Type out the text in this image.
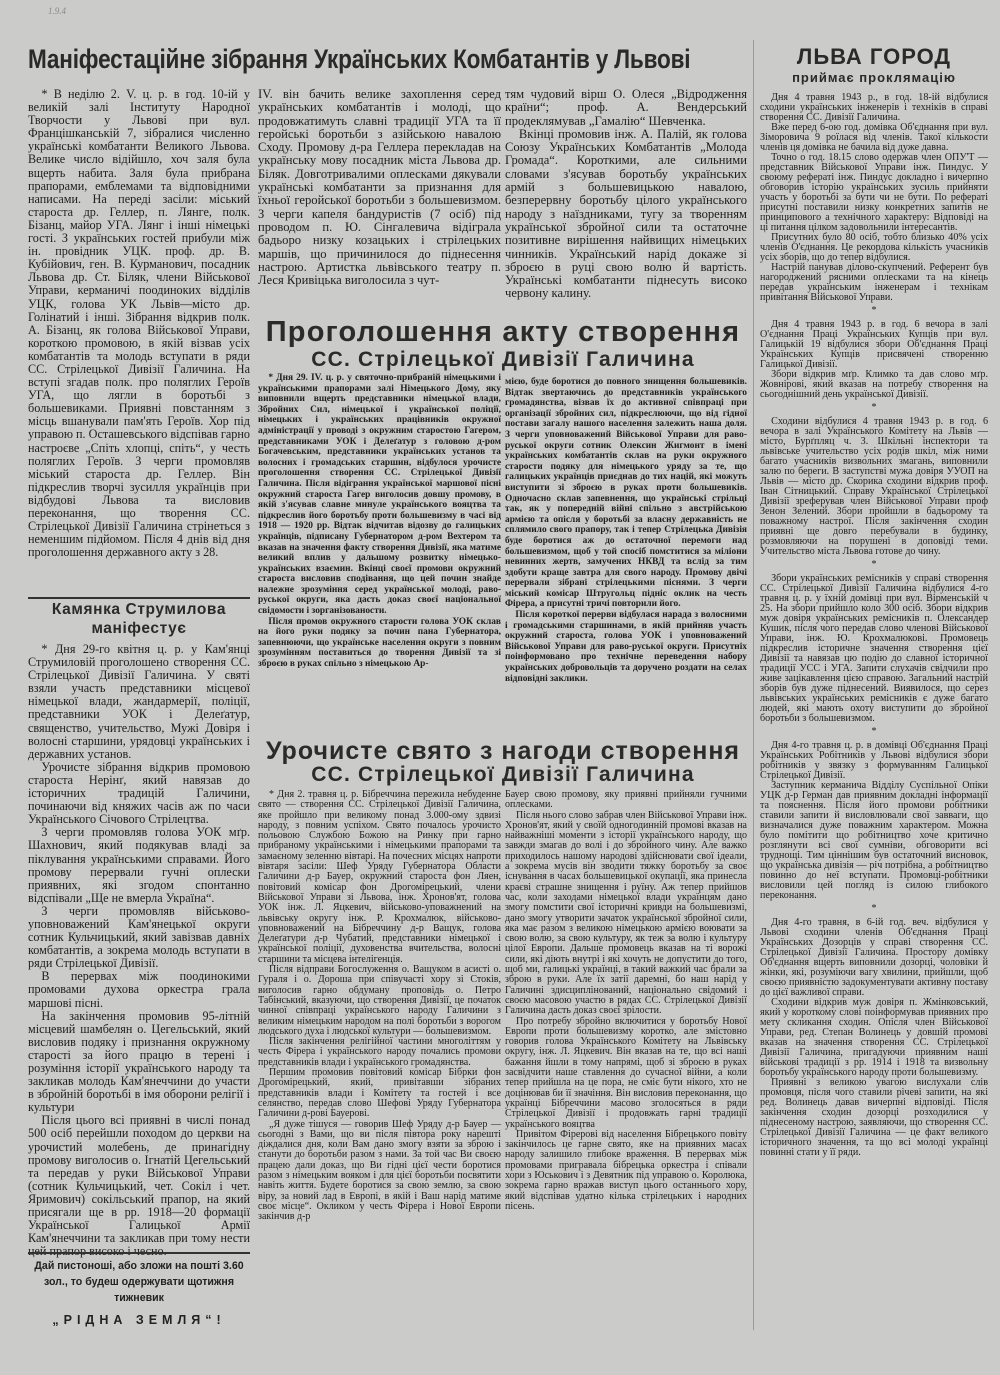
1.9.4
Маніфестаційне зібрання Українських Комбатантів у Львові	ЛЬВА ГОРОД
приймає проклямацію

* В неділю 2. V. ц. р. в год. 10-ій у великій залі Інституту Народної Творчости у Львові при вул. Францішканській 7, зібралися численно українські комбатанти Великого Львова. Велике число відійшло, хоч заля була вщерть набита. Заля була прибрана прапорами, емблемами та відповідними написами. На переді засіли: міський староста др. Геллер, п. Лянге, полк. Бізанц, майор УГА. Лянг і інші німецькі гості. З українських гостей прибули між ін. провідник УЦК. проф. др. В. Кубійович, ген. В. Курманович, посадник Львова др. Ст. Біляк, члени Військової Управи, керманичі поодиноких відділів УЦК, голова УК Львів—місто др. Голінатий і інші. Зібрання відкрив полк. А. Бізанц, як голова Військової Управи, короткою промовою, в якій візвав усіх комбатантів та молодь вступати в ряди СС. Стрілецької Дивізії Галичина. На вступі згадав полк. про поляглих Героїв УГА, що лягли в боротьбі з большевиками. Приявні повстанням з місць вшанували пам'ять Героїв. Хор під управою п. Осташевського відспівав гарно настроєве „Спіть хлопці, спіть“, у честь поляглих Героїв. З черги промовляв міський староста др. Геллер. Він підкреслив творчі зусилля українців при відбудові Львова та висловив переконання, що творення СС. Стрілецької Дивізії Галичина стрінеться з неменшим підйомом. Після 4 днів від дня проголошення державного акту з 28.

Камянка Струмилова
маніфестує

* Дня 29-го квітня ц. р. у Кам'янці Струмиловій проголошено створення СС. Стрілецької Дивізії Галичина. У святі взяли участь представники місцевої німецької влади, жандармерії, поліції, представники УОК і Делеґатур, священство, учительство, Мужі Довіря і волосні старшини, урядовці українських і державних установ.

Урочисте зібрання відкрив промовою староста Нерінґ, який навязав до історичних традицій Галичини, починаючи від княжих часів аж по часи Українського Січового Стрілецтва.

З черги промовляв голова УОК мґр. Шахнович, який подякував владі за піклування українськими справами. Його промову перервали гучні оплески приявних, які згодом спонтанно відспівали „Ще не вмерла Україна“.

З черги промовляв військово-уповноважений Кам'янецької округи сотник Кульчицький, який завізвав давніх комбатантів, а зокрема молодь вступати в ряди Стрілецької Дивізії.

В перервах між поодинокими промовами духова оркестра грала маршові пісні.

На закінчення промовив 95-літній місцевий шамбелян о. Цегельський, який висловив подяку і признання окружному старості за його працю в терені і розуміння історії українського народу та закликав молодь Кам'янеччини до участи в збройній боротьбі в імя оборони релігії і культури

Після цього всі приявні в числі понад 500 осіб перейшли походом до церкви на урочистий молебень, де принагідну промову виголосив о. Ігнатій Цегельський та передав у руки Військової Управи (сотник Кульчицький, чет. Сокіл і чет. Яримович) сокільський прапор, на який присягали ще в рр. 1918—20 формації Української Галицької Армії Кам'янеччини та закликав при тому нести

Дай пистоноші, або зложи на пошті 3.60 зол., то будеш одержувати щотижня тижневик
„РІДНА ЗЕМЛЯ“!

IV. він бачить велике захоплення серед українських комбатантів і молоді, що продовжатимуть славні традиції УГА та її геройські боротьби з азійською навалою Сходу. Промову д-ра Геллера перекладав на українську мову посадник міста Львова др. Біляк. Довготривалими оплесками дякували українські комбатанти за признання для їхньої геройської боротьби з большевизмом. З черги капеля бандуристів (7 осіб) під проводом п. Ю. Сінгалевича відіграла бадьоро низку козацьких і стрілецьких маршів, що причинилося до піднесення настрою. Артистка львівського театру п. Леся Кривіцька виголосила з чут-

тям чудовий вірш О. Олеся „Відродження країни“; проф. А. Вендерський продеклямував „Гамалію“ Шевченка.

Вкінці промовив інж. А. Палій, як голова Союзу Українських Комбатантів „Молода Громада“. Короткими, але сильними словами з'ясував боротьбу українських армій з большевицькою навалою, безперервну боротьбу цілого українського народу з наїздниками, тугу за творенням української збройної сили та остаточне позитивне вирішення найвищих німецьких чинників. Український нарід докаже зі зброєю в руці свою волю й вартість. Українські комбатанти піднесуть високо червону калину.

Проголошення акту створення
СС. Стрілецької Дивізії Галичина

* Дня 29. IV. ц. р. у святочно-прибраній німецькими і українськими прапорами залі Німецького Дому, яку виповнили вщерть представники німецької влади, Збройних Сил, німецької і української поліції, німецьких і українських працівників окружної адміністрації у проводі з окружним старостою Гагером, представниками УОК і Делеґатур з головою д-ром Богачевським, представники українських установ та волосних і громадських старшин, відбулося урочисте проголошення створення СС. Стрілецької Дивізії Галичина. Після відіграння української маршової пісні окружний староста Гагер виголосив довшу промову, в якій з'ясував славне минуле українського вояцтва та підкреслив його боротьбу проти большевизму в часі від 1918 — 1920 рр. Відтак відчитав відозву до галицьких українців, підписану Губернатором д-ром Вехтером та вказав на значення факту створення Дивізії, яка матиме великий вплив у дальшому розвитку німецько-українських взаємин. Вкінці своєї промови окружний староста висловив сподівання, що цей почин знайде належне зрозуміння серед української молоді, раво-руської округи, яка дасть доказ своєї національної свідомости і зорганізованости.

Після промов окружного старости голова УОК склав на його руки подяку за почин пана Губернатора, запевнюючи, що українське населення округи з повним зрозумінням поставиться до творення Дивізії та зі зброєю в руках спільно з німецькою Ар-

мією, буде боротися до повного знищення большевиків. Відтак звертаючись до представників українського громадянства, візвав їх до активної співпраці при організації збройних сил, підкреслюючи, що від гідної постави загалу нашого населення залежить наша доля. З черги уповноважений Військової Управи для раво-руської округи сотник Олексин Жигмонт в імені українських комбатантів склав на руки окружного старости подяку для німецького уряду за те, що галицьких українців приєднав до тих націй, які можуть виступити зі зброєю в руках проти большевиків. Одночасно склав запевнення, що українські стрільці так, як у попередній війні спільно з австрійською армією та опісля у боротьбі за власну державність не сплямило свого прапору, так і тепер Стрілецька Дивізія буде боротися аж до остаточної перемоги над большевизмом, щоб у той спосіб помститися за міліони невинних жертв, замучених НКВД та вслід за тим здобути краще завтра для свого народу. Промову двічі перервали зібрані стрілецькими піснями. З черги міський комісар Штругольц підніс оклик на честь Фірера, а присутні тричі повторили його.

Після короткої перерви відбулася нарада з волосними і громадськими старшинами, в якій прийняв участь окружний староста, голова УОК і уповноважений Військової Управи для раво-руської округи. Присутніх поінформовано про технічне переведення набору українських добровольців та доручено роздати на селах відповідні заклики.

Урочисте свято з нагоди створення
СС. Стрілецької Дивізії Галичина

* Дня 2. травня ц. р. Бібреччина пережила небуденне свято — створення СС. Стрілецької Дивізії Галичина, яке пройшло при великому понад 3.000-ому здвизі народу, з повним успіхом. Свято почалось урочисто польовою Службою Божою на Ринку при гарно прибраному українськими і німецькими прапорами та замаєному зеленню вівтарі. На почесних місцях напроти вівтаря засіли: Шеф Уряду Губернатора Области Галичини д-р Бауер, окружний староста фон Ляен, повітовий комісар фон Дрогомірецький, члени Військової Управи зі Львова, інж. Хронов'ят, голова УОК інж. Л. Яцкевич, військово-уповажнений на львівську округу інж. Р. Крохмалюк, військово-уповноважений на Бібреччину д-р Ващук, голова Делеґатури д-р Чубатий, представники німецької і української поліції, духовенства вчительства, волосні старшини та місцева інтелігенція.

Після відправи Богослуження о. Ващуком в асисті о. Гураля і о. Дороша при співучасті хору зі Стоків, виголосив гарно обдуману проповідь о. Петро Табінський, вказуючи, що створення Дивізії, це початок чинної співпраці українського народу Галичини з великим німецьким народом на полі боротьби з ворогом людського духа і людської культури — большевизмом.

Після закінчення релігійної частини многоліттям у честь Фірера і українського народу почались промови представників влади і українського громадянства.

Першим промовив повітовий комісар Бібрки фон Дрогомірецький, який, привітавши зібраних представників влади і Комітету та гостей і все селянство, передав слово Шефові Уряду Губернатора Галичини д-рові Бауерові.

„Я дуже тішуся — говорив Шеф Уряду д-р Бауер — сьогодні з Вами, що ви після півтора року нарешті діждалися дня, коли Вам дано змогу взяти за зброю і станути до боротьби разом з нами. За той час Ви своєю працею дали доказ, що Ви гідні цієї чести боротися разом з німецьким вояком і для цієї боротьби посвятити навіть життя. Будете боротися за свою землю, за свою віру, за новий лад в Европі, в якій і Ваш нарід матиме своє місце“. Окликом у честь Фірера і Нової Европи закінчив д-р

Бауер свою промову, яку приявні прийняли гучними оплесками.

Після нього слово забрав член Військової Управи інж. Хронов'ят, який у своїй одногодинній промові вказав на найважніші моменти з історії українського народу, що завжди змагав до волі і до збройного чину. Але важко приходилось нашому народові здійснювати свої ідеали, а зокрема мусів він зводити тяжку боротьбу за своє існування в часах большевицької окупації, яка принесла краєві страшне знищення і руїну. Аж тепер прийшов час, коли заходами німецької влади українцям дано змогу помстити свої історичні кривди на большевизмі, дано змогу утворити зачаток української збройної сили, яка має разом з великою німецькою армією воювати за свою волю, за свою культуру, як теж за волю і культуру цілої Европи. Дальше промовець вказав на ті ворожі сили, які діють внутрі і які хочуть не допустити до того, щоб ми, галицькі українці, в такий важкий час брали за зброю в руки. Але їх затії даремні, бо наш нарід у Галичині здисциплінований, національно свідомий і своєю масовою участю в рядах СС. Стрілецької Дивізії Галичина дасть доказ своєї зрілости.

Про потребу збройно включитися у боротьбу Нової Европи проти большевизму коротко, але змістовно говорив голова Українського Комітету на Львівську округу, інж. Л. Яцкевич. Він вказав на те, що всі наші бажання йшли в тому напрямі, щоб зі зброєю в руках засвідчити наше ставлення до сучасної війни, а коли тепер прийшла на це пора, не сміє бути нікого, хто не доцінював би її значіння. Він висловив переконання, що українці Бібреччини масово зголосяться в ряди Стрілецької Дивізії і продовжать гарні традиції українського вояцтва

Привітом Фірерові від населення Бібрецького повіту закінчилось це гарне свято, яке на приявних масах народу залишило глибоке враження. В перервах між промовами пригравала бібрецька оркестра і співали хори з Юськович і з Девятник під управою о. Королюка, зокрема гарно вражав виступ цього останнього хору, який відспівав удатно кілька стрілецьких і народних пісень.

Дня 4 травня 1943 р., в год. 18-ій відбулися сходини українських інженерів і техніків в справі створення СС. Дивізії Галичина.

Вже перед 6-ою год. домівка Об'єднання при вул. Зіморовича 9 роїлася від членів. Такої кількости членів ця домівка не бачила від дуже давна.

Точно о год. 18.15 слово одержав член ОПУ'Т — представник Військової Управи інж. Пиндус. У своюму рефераті інж. Пиндус докладно і вичерпно обговорив історію українських зусиль прийняти участь у боротьбі за бути чи не бути. По рефераті присутні поставили низку конкретних запитів не принципового а технічного характеру: Відповіді на ці питання цілком задовольнили інтересантів.

Присутних було 80 осіб, тобто близько 40% усіх членів О'єднання. Це рекордова кількість учасників усіх зборів, що до тепер відбулися.

Настрій панував ділово-скупчений. Референт був нагороджений рясними оплесками та на кінець передав українським інженерам і технікам привітання Військової Управи.

*

Дня 4 травня 1943 р. в год. 6 вечора в залі О'єднання Праці Українських Купців при вул. Галицькій 19 відбулися збори Об'єднання Праці Українських Купців присвячені створенню Галицької Дивізії.

Збори відкрив мґр. Климко та дав слово мґр. Жовнірові, який вказав на потребу створення на сьогоднішний день української Дивізії.

*

Сходини відбулися 4 травня 1943 р. в год. 6 вечора в залі Українського Комітету на Львів — місто, Бурґпляц ч. 3. Шкільні інспектори та львівське учительство усіх родів шкіл, між ними багато учасників визвольних змагань, виповнили залю по береги. В заступстві мужа довіря УУОП на Львів — місто др. Скорика сходини відкрив проф. Іван Сітницький. Справу Української Стрілецької Дивізії зреферував член Військової Управи проф Зенон Зелений. Збори пройшли в бадьорому та поважному настрої. Після закінчення сходин приявні ще довго перебували в будинку, розмовляючи на порушені в доповіді теми. Учительство міста Львова готове до чину.

*

Збори українських ремісників у справі створення СС. Стрілецької Дивізії Галичина відбулися 4-го травня ц. р. у їхній домівці при вул. Вірменській ч 25. На збори прийшло коло 300 осіб. Збори відкрив муж довіря українських ремісників п. Олександер Кушик, після чого передав слово членові Військової Управи, інж. Ю. Крохмалюкові. Промовець підкреслив історичне значення створення цієї Дивізії та навязав цю подію до славної історичної традиції УСС і УГА. Запити слухачів свідчили про живе зацікавлення цією справою. Загальний настрій зборів був дуже піднесений. Виявилося, що серез львівських українських ремісників є дуже багато людей, які мають охоту виступити до збройної боротьби з большевизмом.

*

Дня 4-го травня ц. р. в домівці Об'єднання Праці Українських Робітників у Львові відбулися збори робітників у звязку з формуванням Галицької Стрілецької Дивізії.

Заступник керманича Відділу Суспільної Опіки УЦК д-р Герман дав приявним докладні інформації та пояснення. Після його промови робітники ставили запити й висловлювали свої завваги, що визначалися дуже поважним характером. Можна було помітити що робітництво хоче критично розглянути всі свої сумніви, обговорити всі труднощі. Тим ціннішим був остаточний висновок, що українська дивізія — річ потрібна, а робітництво повинно до неї вступати. Промовці-робітники висловили цей погляд із силою глибокого переконання.

*

Дня 4-го травня, в 6-ій год. веч. відбулися у Львові сходини членів Об'єднання Праці Українських Дозорців у справі створення СС. Стрілецької Дивізії Галичина. Простору домівку Об'єднання вщерть виповнили дозорці, чоловіки й жінки, які, розуміючи вагу хвилини, прийшли, щоб своєю приявністю задокументувати активну поставу до цієї важливої справи.

Сходини відкрив муж довіря п. Жмінковський, який у короткому слові поінформував приявних про мету скликання сходин. Опісля член Військової Управи, ред. Степан Волинець у довшій промові вказав на значення створення СС. Стрілецької Дивізії Галичина, пригадуючи приявним наші військові традиції з рр. 1914 і 1918 та визвольну боротьбу українського народу проти большевизму.

Приявні з великою увагою вислухали слів промовця, після чого ставили річеві запити, на які ред. Волинець давав вичерпні відповіді. Після закінчення сходин дозорці розходилися у піднесеному настрою, заявляючи, що створення СС. Стрілецької Дивізії Галичина — це факт великого історичного значення, та що всі молоді українці повинні стати у її ряди.
